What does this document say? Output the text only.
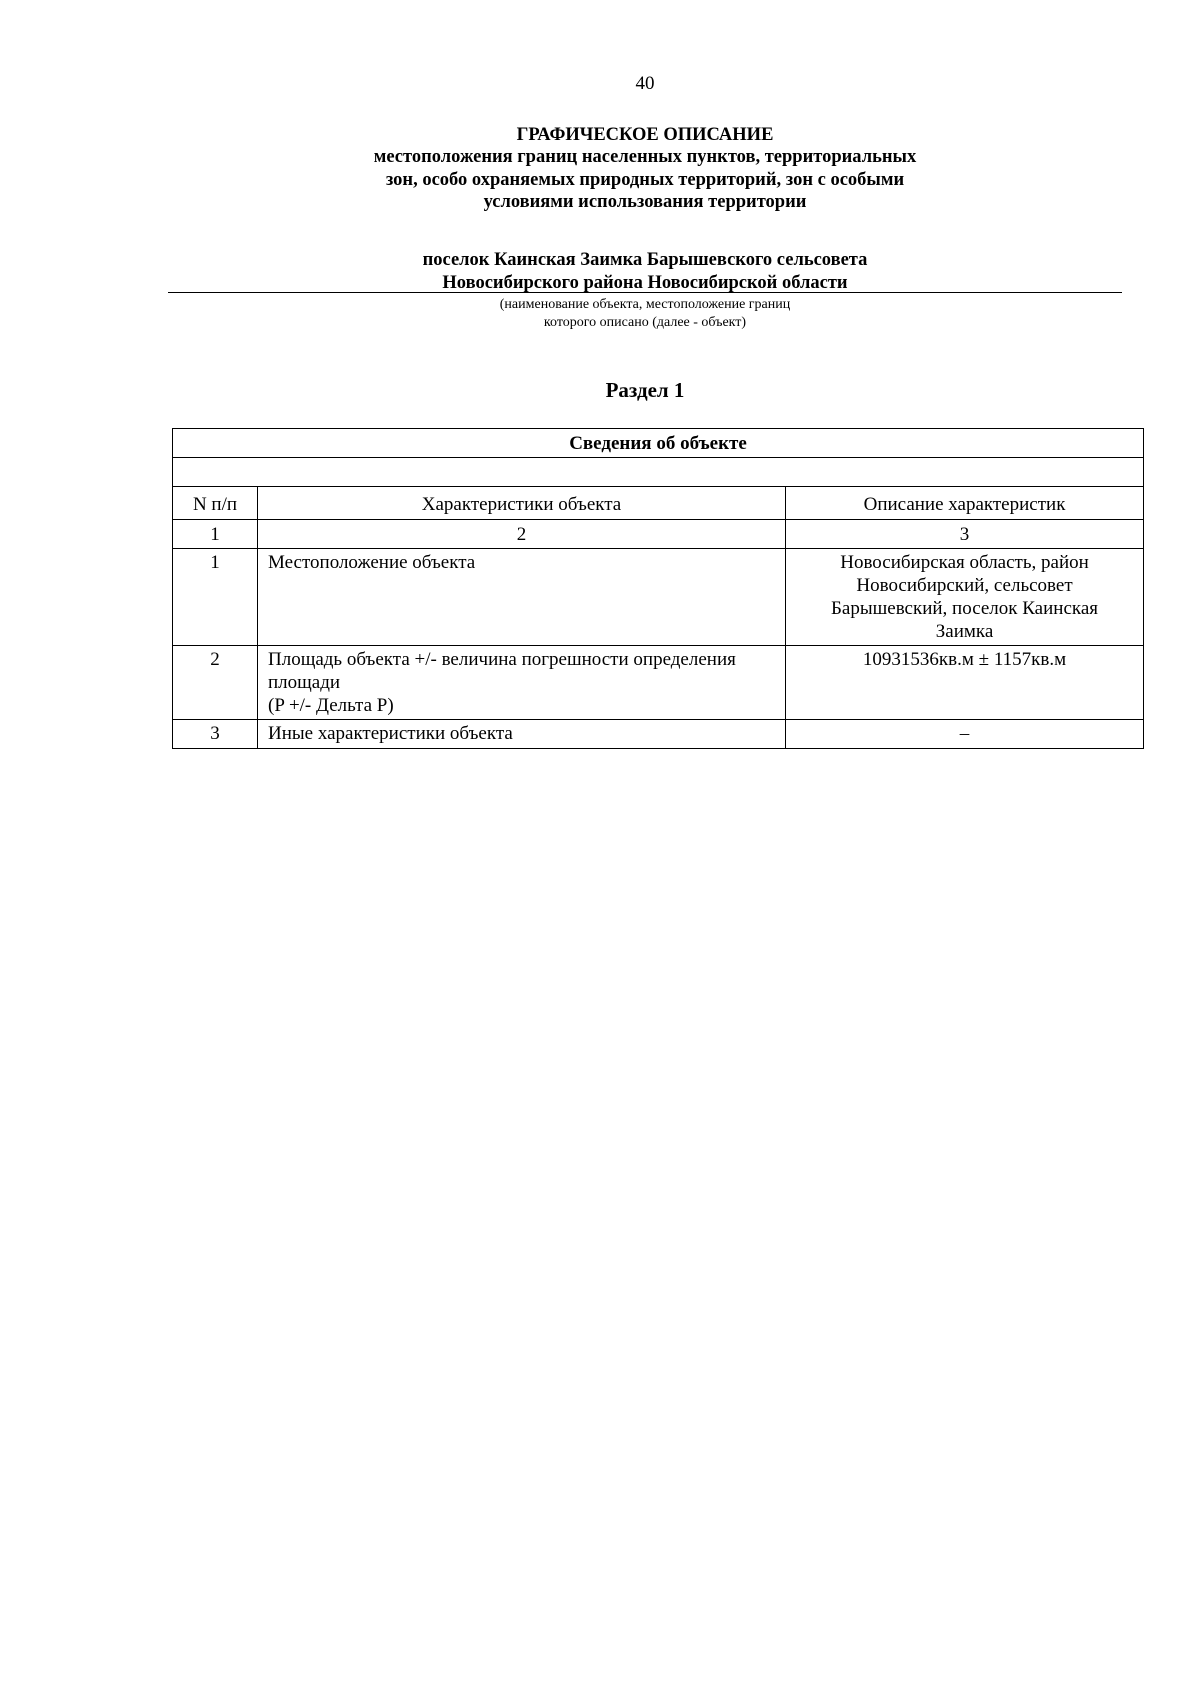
40
ГРАФИЧЕСКОЕ ОПИСАНИЕ
местоположения границ населенных пунктов, территориальных
зон, особо охраняемых природных территорий, зон с особыми
условиями использования территории
поселок Каинская Заимка Барышевского сельсовета
Новосибирского района Новосибирской области
(наименование объекта, местоположение границ
которого описано (далее - объект)
Раздел 1
Сведения об объекте		

N п/п	Характеристики объекта	Описание характеристик
1	2	3
1	Местоположение объекта	Новосибирская область, район
Новосибирский, сельсовет
Барышевский, поселок Каинская
Заимка

2	Площадь объекта +/- величина погрешности определения
площади
(P +/- Дельта P)	10931536кв.м ± 1157кв.м

3	Иные характеристики объекта	–
